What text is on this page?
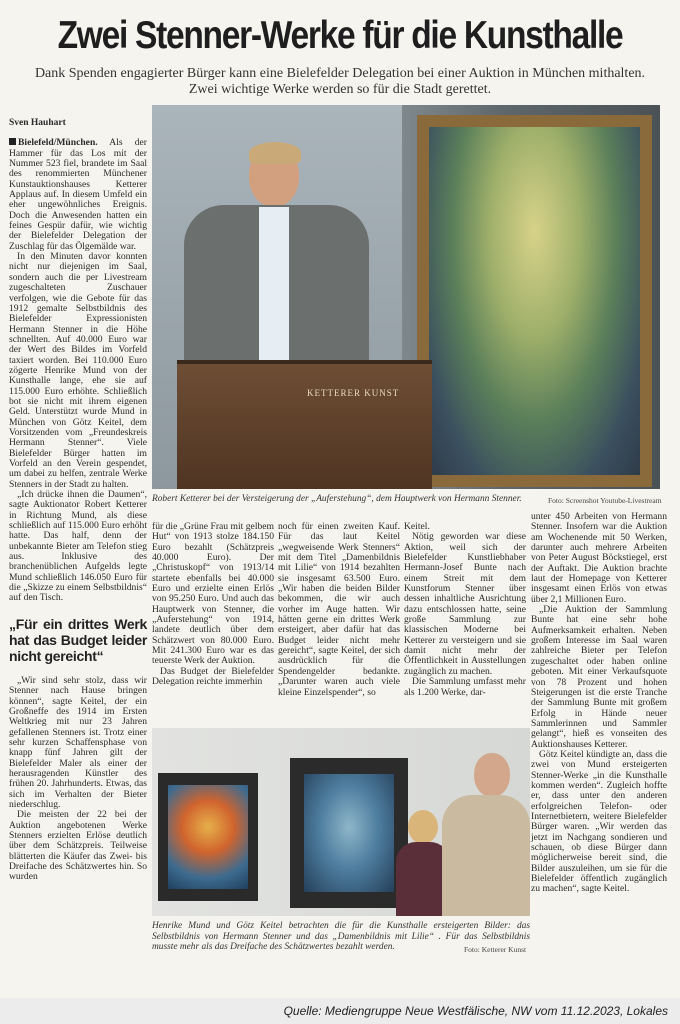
Zwei Stenner-Werke für die Kunsthalle
Dank Spenden engagierter Bürger kann eine Bielefelder Delegation bei einer Auktion in München mithalten. Zwei wichtige Werke werden so für die Stadt gerettet.
Sven Hauhart

Bielefeld/München. Als der Hammer für das Los mit der Nummer 523 fiel, brandete im Saal des renommierten Münchener Kunstauktionshauses Ketterer Applaus auf. In diesem Umfeld ein eher ungewöhnliches Ereignis. Doch die Anwesenden hatten ein feines Gespür dafür, wie wichtig der Bielefelder Delegation der Zuschlag für das Ölgemälde war.

In den Minuten davor konnten nicht nur diejenigen im Saal, sondern auch die per Livestream zugeschalteten Zuschauer verfolgen, wie die Gebote für das 1912 gemalte Selbstbildnis des Bielefelder Expressionisten Hermann Stenner in die Höhe schnellten. Auf 40.000 Euro war der Wert des Bildes im Vorfeld taxiert worden. Bei 110.000 Euro zögerte Henrike Mund von der Kunsthalle lange, ehe sie auf 115.000 Euro erhöhte. Schließlich bot sie nicht mit ihrem eigenen Geld. Unterstützt wurde Mund in München von Götz Keitel, dem Vorsitzenden vom „Freundeskreis Hermann Stenner“. Viele Bielefelder Bürger hatten im Vorfeld an den Verein gespendet, um dabei zu helfen, zentrale Werke Stenners in der Stadt zu halten.

„Ich drücke ihnen die Daumen“, sagte Auktionator Robert Ketterer in Richtung Mund, als diese schließlich auf 115.000 Euro erhöht hatte. Das half, denn der unbekannte Bieter am Telefon stieg aus. Inklusive des branchenüblichen Aufgelds legte Mund schließlich 146.050 Euro für die „Skizze zu einem Selbstbildnis“ auf den Tisch.

„Für ein drittes Werk hat das Budget leider nicht gereicht“

„Wir sind sehr stolz, dass wir Stenner nach Hause bringen können“, sagte Keitel, der ein Großneffe des 1914 im Ersten Weltkrieg mit nur 23 Jahren gefallenen Stenners ist. Trotz einer sehr kurzen Schaffensphase von knapp fünf Jahren gilt der Bielefelder Maler als einer der herausragenden Künstler des frühen 20. Jahrhunderts. Etwas, das sich im Verhalten der Bieter niederschlug.

Die meisten der 22 bei der Auktion angebotenen Werke Stenners erzielten Erlöse deutlich über dem Schätzpreis. Teilweise blätterten die Käufer das Zwei- bis Dreifache des Schätzwertes hin. So wurden

KETTERER KUNST
Robert Ketterer bei der Versteigerung der „Auferstehung“, dem Hauptwerk von Hermann Stenner.	Foto: Screenshot Youtube-Livestream

für die „Grüne Frau mit gelbem Hut“ von 1913 stolze 184.150 Euro bezahlt (Schätzpreis 40.000 Euro). Der „Christuskopf“ von 1913/14 startete ebenfalls bei 40.000 Euro und erzielte einen Erlös von 95.250 Euro. Und auch das Hauptwerk von Stenner, die „Auferstehung“ von 1914, landete deutlich über dem Schätzwert von 80.000 Euro. Mit 241.300 Euro war es das teuerste Werk der Auktion.

Das Budget der Bielefelder Delegation reichte immerhin

noch für einen zweiten Kauf. Für das laut Keitel „wegweisende Werk Stenners“ mit dem Titel „Damenbildnis mit Lilie“ von 1914 bezahlten sie insgesamt 63.500 Euro. „Wir haben die beiden Bilder bekommen, die wir auch vorher im Auge hatten. Wir hätten gerne ein drittes Werk ersteigert, aber dafür hat das Budget leider nicht mehr gereicht“, sagte Keitel, der sich ausdrücklich für die Spendengelder bedankte. „Darunter waren auch viele kleine Einzelspender“, so

Keitel.

Nötig geworden war diese Aktion, weil sich der Bielefelder Kunstliebhaber Hermann-Josef Bunte nach einem Streit mit dem Kunstforum Stenner über dessen inhaltliche Ausrichtung dazu entschlossen hatte, seine große Sammlung zur klassischen Moderne bei Ketterer zu versteigern und sie damit nicht mehr der Öffentlichkeit in Ausstellungen zugänglich zu machen.

Die Sammlung umfasst mehr als 1.200 Werke, dar-

unter 450 Arbeiten von Hermann Stenner. Insofern war die Auktion am Wochenende mit 50 Werken, darunter auch mehrere Arbeiten von Peter August Böckstiegel, erst der Auftakt. Die Auktion brachte laut der Homepage von Ketterer insgesamt einen Erlös von etwas über 2,1 Millionen Euro.

„Die Auktion der Sammlung Bunte hat eine sehr hohe Aufmerksamkeit erhalten. Neben großem Interesse im Saal waren zahlreiche Bieter per Telefon zugeschaltet oder haben online geboten. Mit einer Verkaufsquote von 78 Prozent und hohen Steigerungen ist die erste Tranche der Sammlung Bunte mit großem Erfolg in Hände neuer Sammlerinnen und Sammler gelangt“, hieß es vonseiten des Auktionshauses Ketterer.

Götz Keitel kündigte an, dass die zwei von Mund ersteigerten Stenner-Werke „in die Kunsthalle kommen werden“. Zugleich hoffte er, dass unter den anderen erfolgreichen Telefon- oder Internetbietern, weitere Bielefelder Bürger waren. „Wir werden das jetzt im Nachgang sondieren und schauen, ob diese Bürger dann möglicherweise bereit sind, die Bilder auszuleihen, um sie für die Bielefelder öffentlich zugänglich zu machen“, sagte Keitel.

Henrike Mund und Götz Keitel betrachten die für die Kunsthalle ersteigerten Bilder: das Selbstbildnis von Hermann Stenner und das „Damenbildnis mit Lilie“ . Für das Selbstbildnis musste mehr als das Dreifache des Schätzwertes bezahlt werden.	Foto: Ketterer Kunst
Quelle: Mediengruppe Neue Westfälische, NW vom 11.12.2023, Lokales
